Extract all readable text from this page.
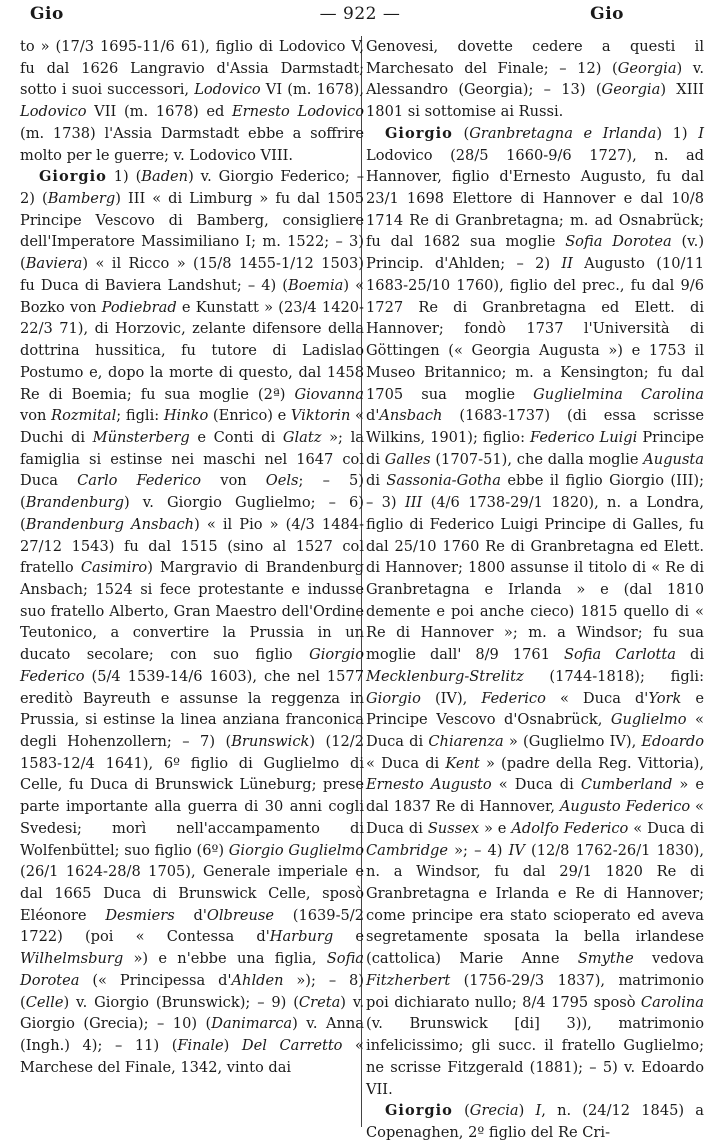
Gio	— 922 —	Gio

to » (17/3 1695-11/6 61), figlio di Lodovico V, fu dal 1626 Langravio d'Assia Darmstadt; sotto i suoi successori, Lodovico VI (m. 1678), Lodovico VII (m. 1678) ed Ernesto Lodovico (m. 1738) l'Assia Darmstadt ebbe a soffrire molto per le guerre; v. Lodovico VIII.

Giorgio 1) (Baden) v. Giorgio Federico; – 2) (Bamberg) III « di Limburg » fu dal 1505 Principe Vescovo di Bamberg, consigliere dell'Imperatore Massimiliano I; m. 1522; – 3) (Baviera) « il Ricco » (15/8 1455-1/12 1503) fu Duca di Baviera Landshut; – 4) (Boemia) « Bozko von Podiebrad e Kunstatt » (23/4 1420-22/3 71), di Horzovic, zelante difensore della dottrina hussitica, fu tutore di Ladislao Postumo e, dopo la morte di questo, dal 1458 Re di Boemia; fu sua moglie (2ª) Giovanna von Rozmital; figli: Hinko (Enrico) e Viktorin « Duchi di Münsterberg e Conti di Glatz »; la famiglia si estinse nei maschi nel 1647 col Duca Carlo Federico von Oels; – 5) (Brandenburg) v. Giorgio Guglielmo; – 6) (Brandenburg Ansbach) « il Pio » (4/3 1484-27/12 1543) fu dal 1515 (sino al 1527 col fratello Casimiro) Margravio di Brandenburg Ansbach; 1524 si fece protestante e indusse suo fratello Alberto, Gran Maestro dell'Ordine Teutonico, a convertire la Prussia in un ducato secolare; con suo figlio Giorgio Federico (5/4 1539-14/6 1603), che nel 1577 ereditò Bayreuth e assunse la reggenza in Prussia, si estinse la linea anziana franconica degli Hohenzollern; – 7) (Brunswick) (12/2 1583-12/4 1641), 6º figlio di Guglielmo di Celle, fu Duca di Brunswick Lüneburg; prese parte importante alla guerra di 30 anni cogli Svedesi; morì nell'accampamento di Wolfenbüttel; suo figlio (6º) Giorgio Guglielmo (26/1 1624-28/8 1705), Generale imperiale e dal 1665 Duca di Brunswick Celle, sposò Eléonore Desmiers d'Olbreuse (1639-5/2 1722) (poi « Contessa d'Harburg e Wilhelmsburg ») e n'ebbe una figlia, Sofia Dorotea (« Principessa d'Ahlden »); – 8) (Celle) v. Giorgio (Brunswick); – 9) (Creta) v. Giorgio (Grecia); – 10) (Danimarca) v. Anna (Ingh.) 4); – 11) (Finale) Del Carretto « Marchese del Finale, 1342, vinto dai

Genovesi, dovette cedere a questi il Marchesato del Finale; – 12) (Georgia) v. Alessandro (Georgia); – 13) (Georgia) XIII 1801 si sottomise ai Russi.

Giorgio (Granbretagna e Irlanda) 1) I Lodovico (28/5 1660-9/6 1727), n. ad Hannover, figlio d'Ernesto Augusto, fu dal 23/1 1698 Elettore di Hannover e dal 10/8 1714 Re di Granbretagna; m. ad Osnabrück; fu dal 1682 sua moglie Sofia Dorotea (v.) Princip. d'Ahlden; – 2) II Augusto (10/11 1683-25/10 1760), figlio del prec., fu dal 9/6 1727 Re di Granbretagna ed Elett. di Hannover; fondò 1737 l'Università di Göttingen (« Georgia Augusta ») e 1753 il Museo Britannico; m. a Kensington; fu dal 1705 sua moglie Guglielmina Carolina d'Ansbach (1683-1737) (di essa scrisse Wilkins, 1901); figlio: Federico Luigi Principe di Galles (1707-51), che dalla moglie Augusta di Sassonia-Gotha ebbe il figlio Giorgio (III); – 3) III (4/6 1738-29/1 1820), n. a Londra, figlio di Federico Luigi Principe di Galles, fu dal 25/10 1760 Re di Granbretagna ed Elett. di Hannover; 1800 assunse il titolo di « Re di Granbretagna e Irlanda » e (dal 1810 demente e poi anche cieco) 1815 quello di « Re di Hannover »; m. a Windsor; fu sua moglie dall' 8/9 1761 Sofia Carlotta di Mecklenburg-Strelitz (1744-1818); figli: Giorgio (IV), Federico « Duca d'York e Principe Vescovo d'Osnabrück, Guglielmo « Duca di Chiarenza » (Guglielmo IV), Edoardo « Duca di Kent » (padre della Reg. Vittoria), Ernesto Augusto « Duca di Cumberland » e dal 1837 Re di Hannover, Augusto Federico « Duca di Sussex » e Adolfo Federico « Duca di Cambridge »; – 4) IV (12/8 1762-26/1 1830), n. a Windsor, fu dal 29/1 1820 Re di Granbretagna e Irlanda e Re di Hannover; come principe era stato scioperato ed aveva segretamente sposata la bella irlandese (cattolica) Marie Anne Smythe vedova Fitzherbert (1756-29/3 1837), matrimonio poi dichiarato nullo; 8/4 1795 sposò Carolina (v. Brunswick [di] 3)), matrimonio infelicissimo; gli succ. il fratello Guglielmo; ne scrisse Fitzgerald (1881); – 5) v. Edoardo VII.

Giorgio (Grecia) I, n. (24/12 1845) a Copenaghen, 2º figlio del Re Cri-
